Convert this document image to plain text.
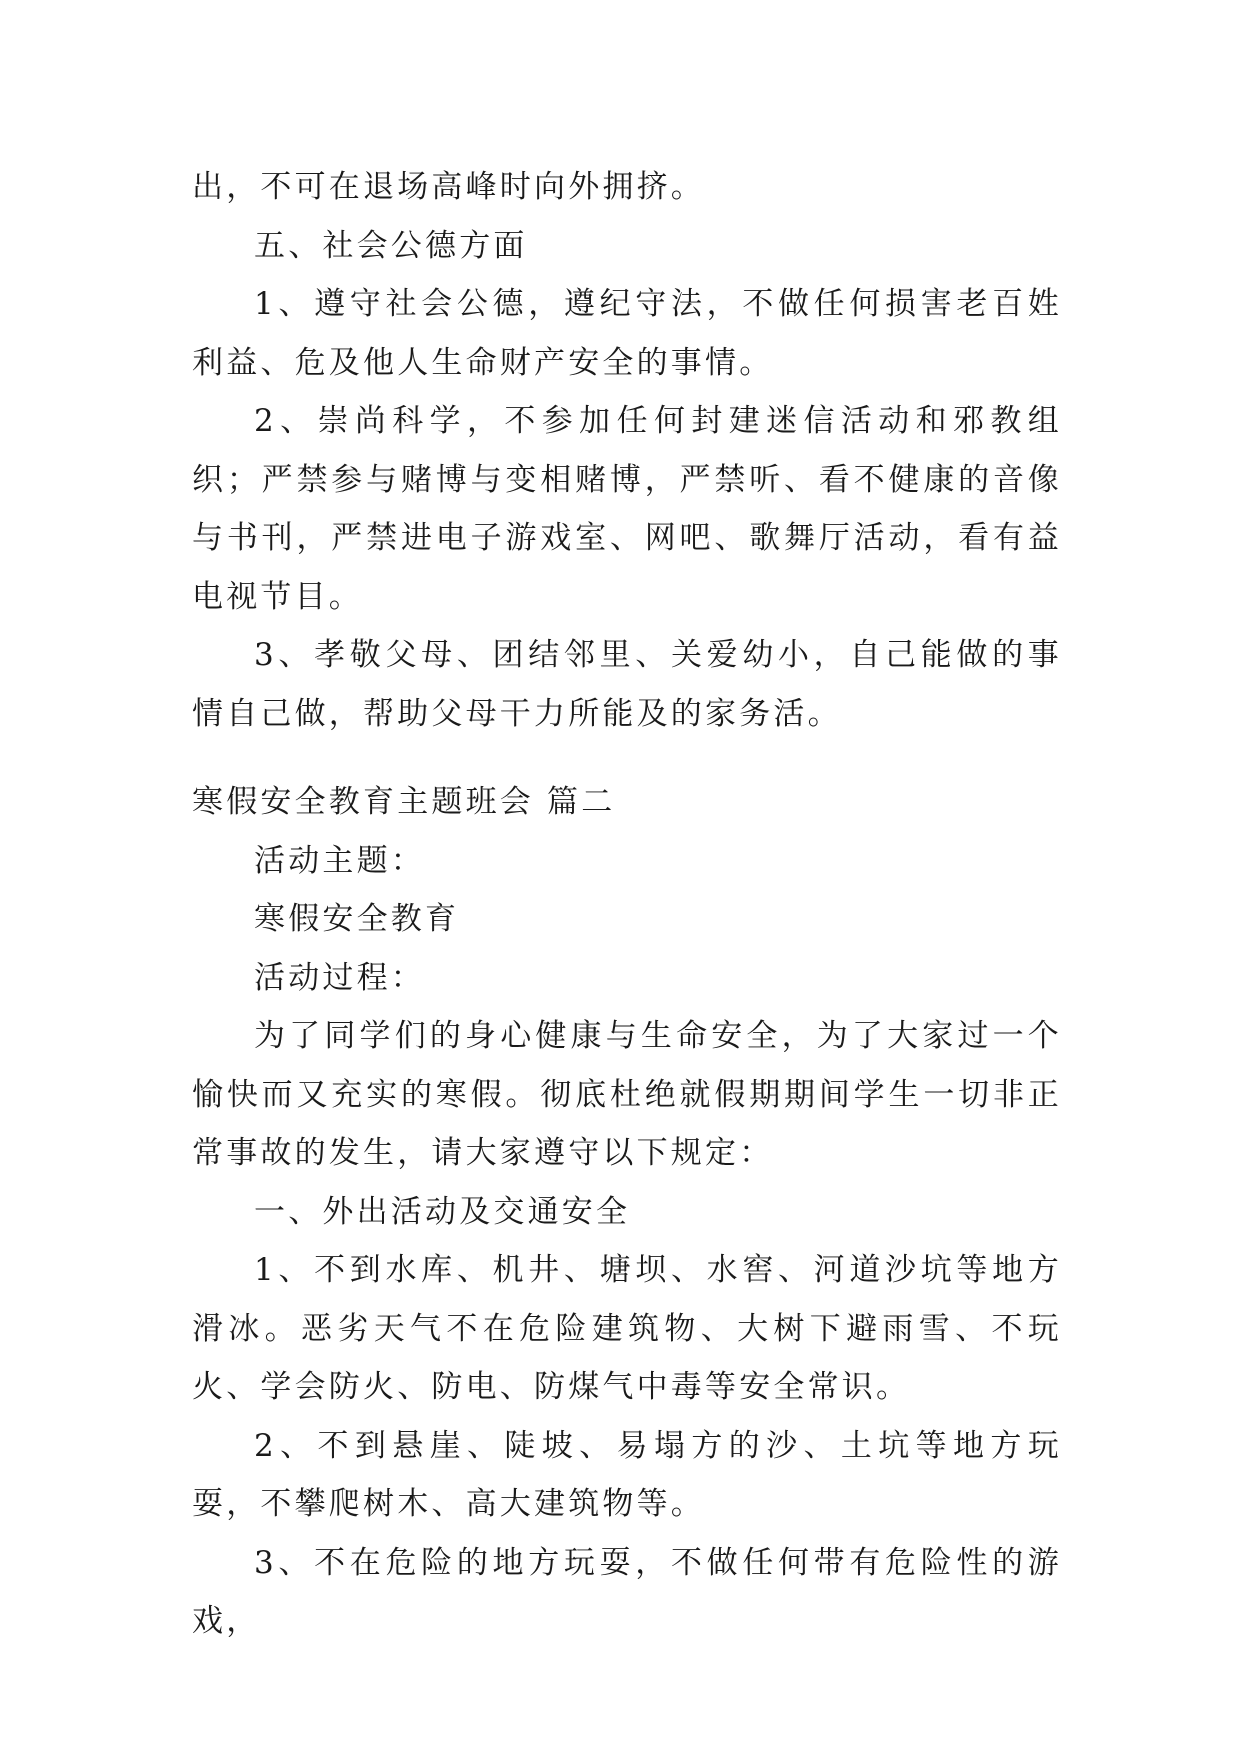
出，不可在退场高峰时向外拥挤。

五、社会公德方面

1、遵守社会公德，遵纪守法，不做任何损害老百姓利益、危及他人生命财产安全的事情。

2、崇尚科学，不参加任何封建迷信活动和邪教组织；严禁参与赌博与变相赌博，严禁听、看不健康的音像与书刊，严禁进电子游戏室、网吧、歌舞厅活动，看有益电视节目。

3、孝敬父母、团结邻里、关爱幼小，自己能做的事情自己做，帮助父母干力所能及的家务活。

寒假安全教育主题班会 篇二

活动主题：

寒假安全教育

活动过程：

为了同学们的身心健康与生命安全，为了大家过一个愉快而又充实的寒假。彻底杜绝就假期期间学生一切非正常事故的发生，请大家遵守以下规定：

一、外出活动及交通安全

1、不到水库、机井、塘坝、水窖、河道沙坑等地方滑冰。恶劣天气不在危险建筑物、大树下避雨雪、不玩火、学会防火、防电、防煤气中毒等安全常识。

2、不到悬崖、陡坡、易塌方的沙、土坑等地方玩耍，不攀爬树木、高大建筑物等。

3、不在危险的地方玩耍，不做任何带有危险性的游戏，
